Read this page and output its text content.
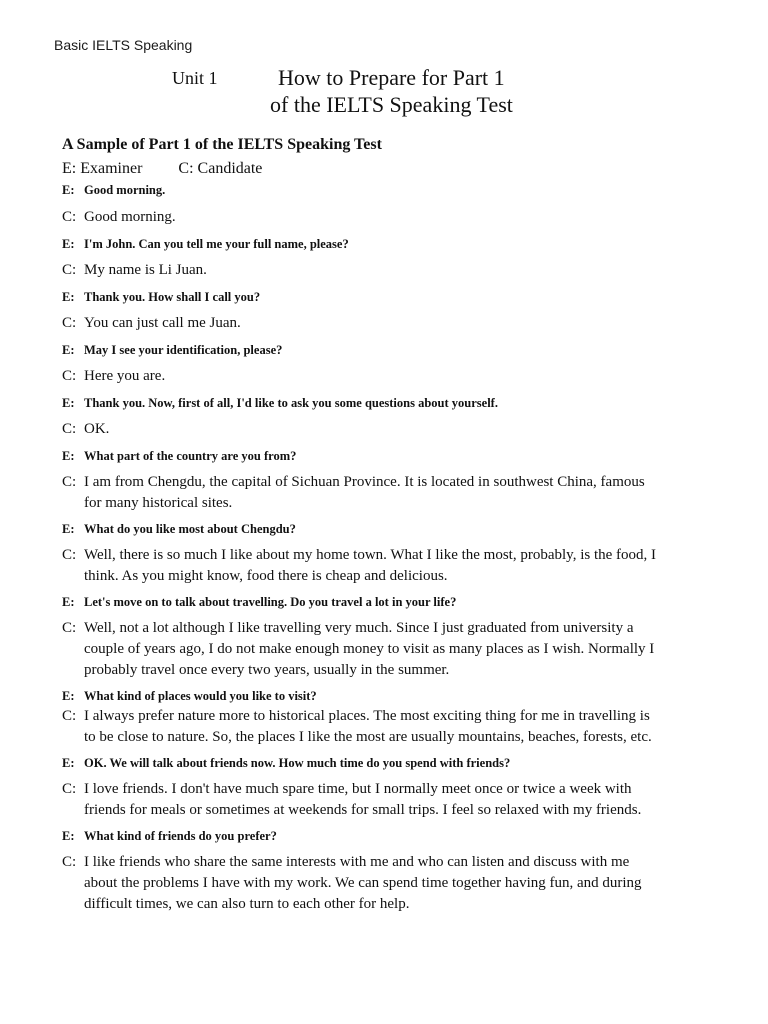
Basic IELTS Speaking
Unit 1	How to Prepare for Part 1
of the IELTS Speaking Test
A Sample of Part 1 of the IELTS Speaking Test
E: Examiner C: Candidate
E: Good morning.
C: Good morning.
E: I'm John. Can you tell me your full name, please?
C: My name is Li Juan.
E: Thank you. How shall I call you?
C: You can just call me Juan.
E: May I see your identification, please?
C: Here you are.
E: Thank you. Now, first of all, I'd like to ask you some questions about yourself.
C: OK.
E: What part of the country are you from?
C: I am from Chengdu, the capital of Sichuan Province. It is located in southwest China, famous for many historical sites.
E: What do you like most about Chengdu?
C: Well, there is so much I like about my home town. What I like the most, probably, is the food, I think. As you might know, food there is cheap and delicious.
E: Let's move on to talk about travelling. Do you travel a lot in your life?
C: Well, not a lot although I like travelling very much. Since I just graduated from university a couple of years ago, I do not make enough money to visit as many places as I wish. Normally I probably travel once every two years, usually in the summer.
E: What kind of places would you like to visit?
C: I always prefer nature more to historical places. The most exciting thing for me in travelling is to be close to nature. So, the places I like the most are usually mountains, beaches, forests, etc.
E: OK. We will talk about friends now. How much time do you spend with friends?
C: I love friends. I don't have much spare time, but I normally meet once or twice a week with friends for meals or sometimes at weekends for small trips. I feel so relaxed with my friends.
E: What kind of friends do you prefer?
C: I like friends who share the same interests with me and who can listen and discuss with me about the problems I have with my work. We can spend time together having fun, and during difficult times, we can also turn to each other for help.
